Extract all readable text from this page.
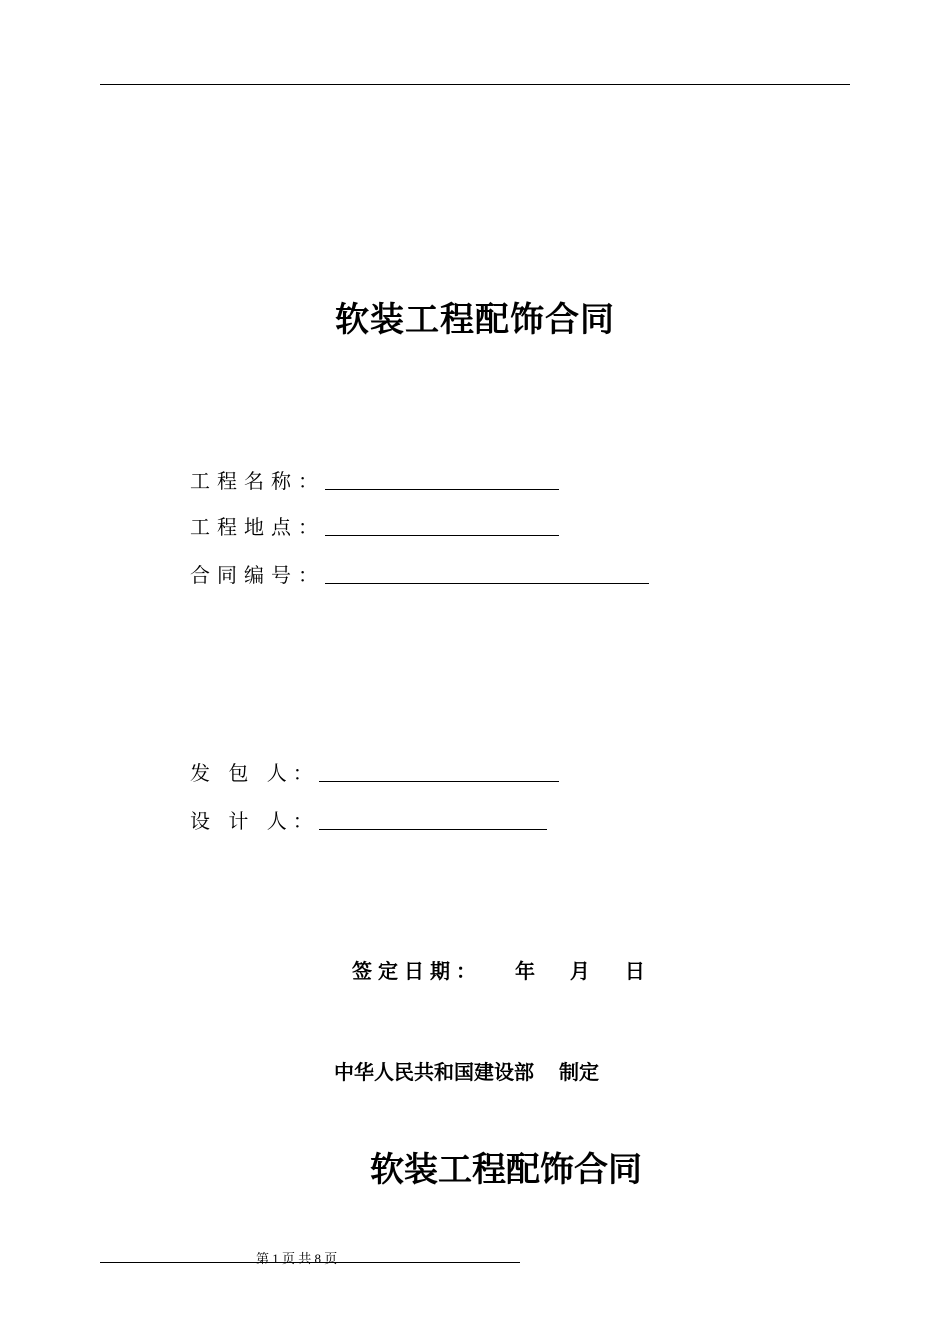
软装工程配饰合同
工程名称：
工程地点：
合同编号：
发 包 人：
设 计 人：
签定日期： 年 月 日
中华人民共和国建设部 制定
软装工程配饰合同
第 1 页 共 8 页
